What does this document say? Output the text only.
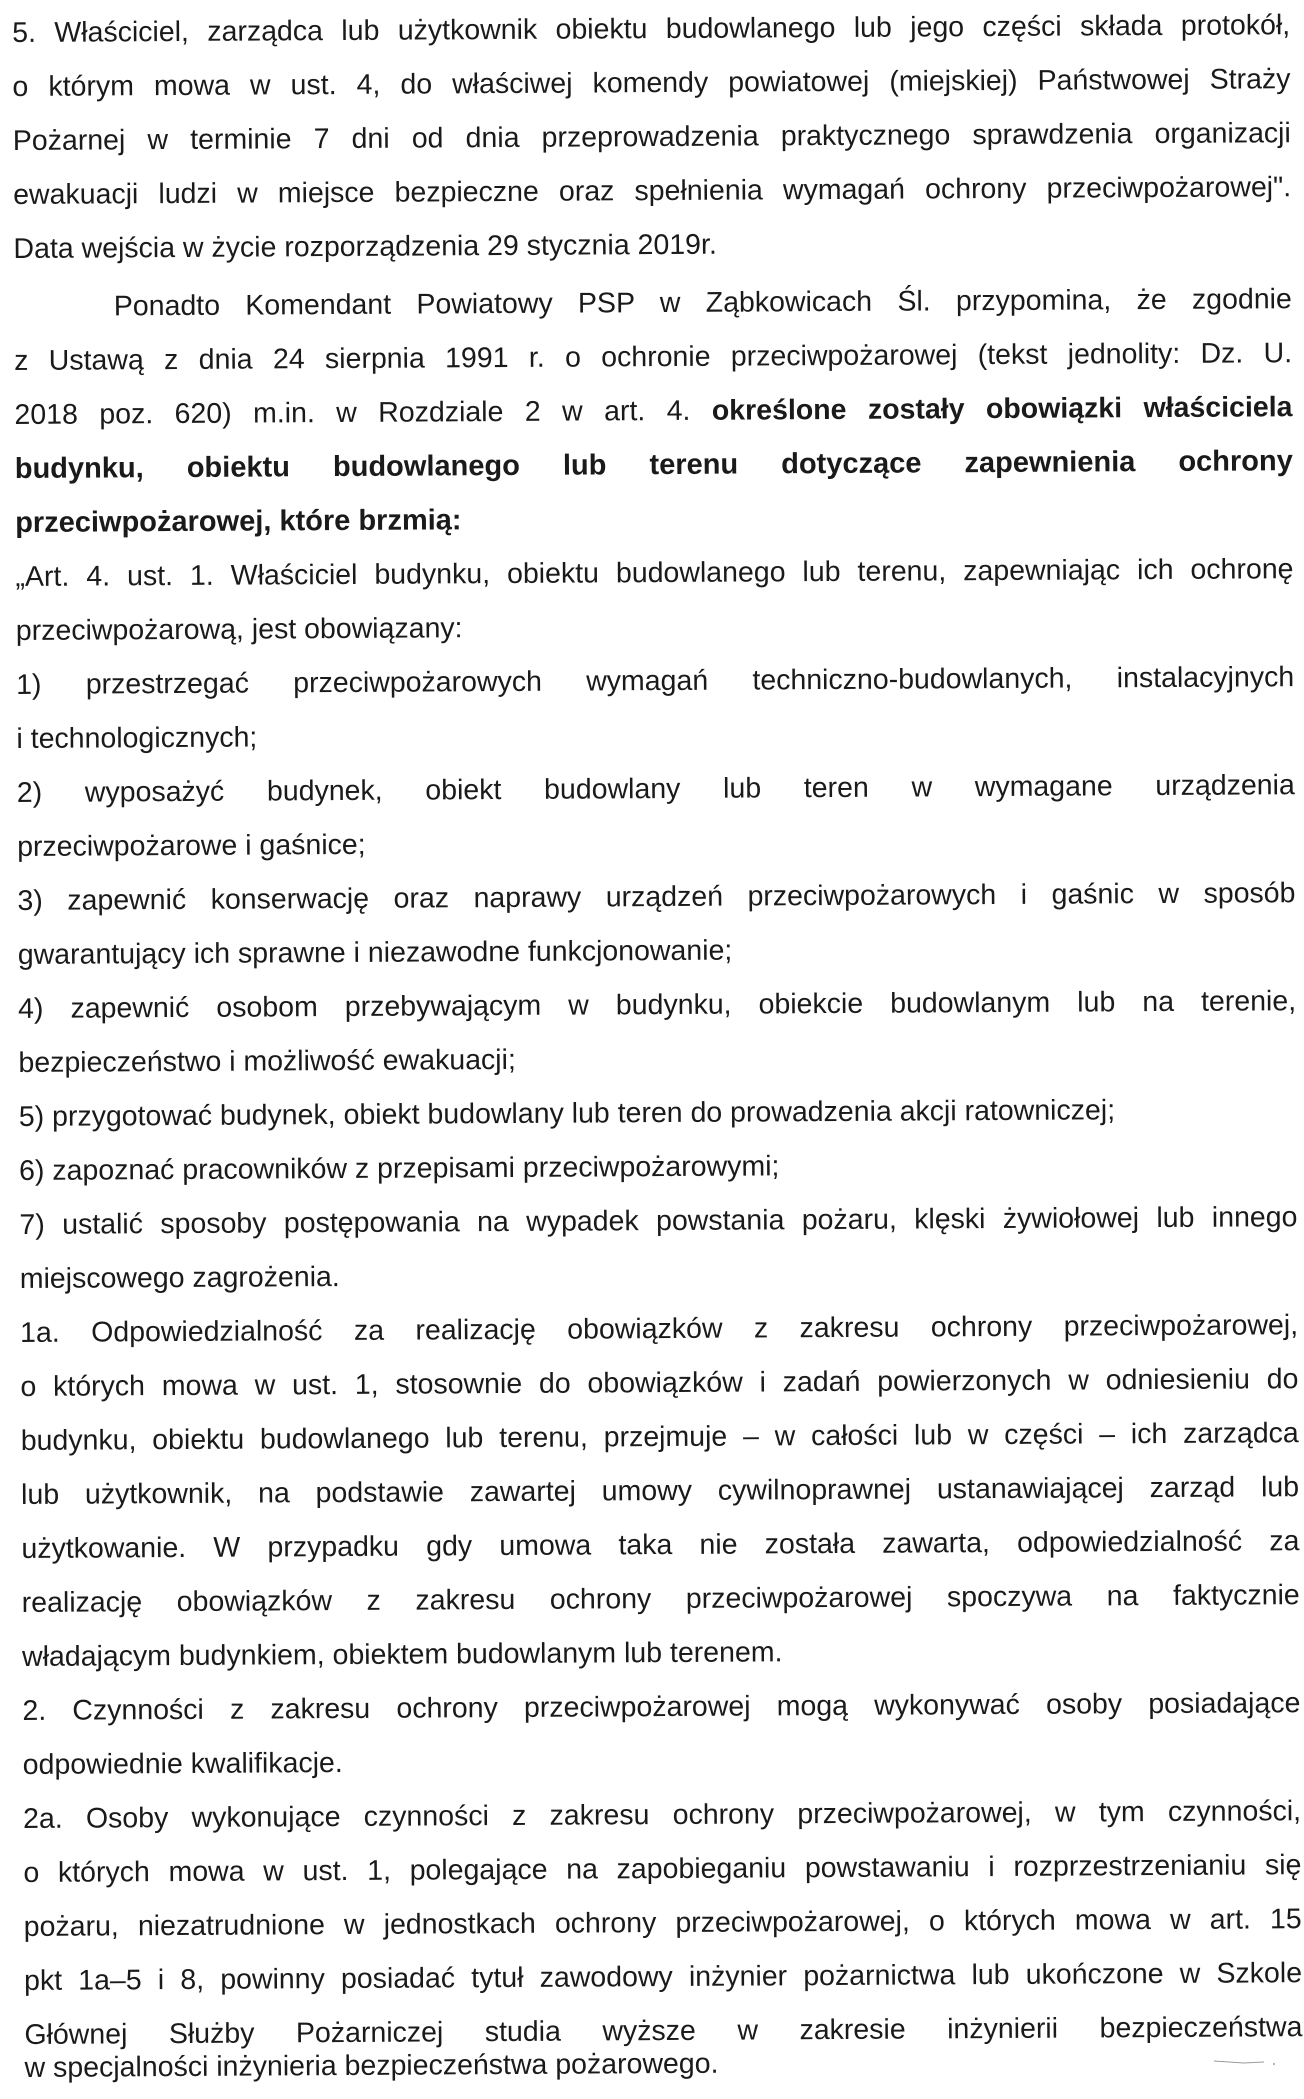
5. Właściciel, zarządca lub użytkownik obiektu budowlanego lub jego części składa protokół,
o którym mowa w ust. 4, do właściwej komendy powiatowej (miejskiej) Państwowej Straży
Pożarnej w terminie 7 dni od dnia przeprowadzenia praktycznego sprawdzenia organizacji
ewakuacji ludzi w miejsce bezpieczne oraz spełnienia wymagań ochrony przeciwpożarowej".
Data wejścia w życie rozporządzenia 29 stycznia 2019r.
Ponadto Komendant Powiatowy PSP w Ząbkowicach Śl. przypomina, że zgodnie
z Ustawą z dnia 24 sierpnia 1991 r. o ochronie przeciwpożarowej (tekst jednolity: Dz. U.
2018 poz. 620) m.in. w Rozdziale 2 w art. 4. określone zostały obowiązki właściciela
budynku, obiektu budowlanego lub terenu dotyczące zapewnienia ochrony
przeciwpożarowej, które brzmią:
„Art. 4. ust. 1. Właściciel budynku, obiektu budowlanego lub terenu, zapewniając ich ochronę
przeciwpożarową, jest obowiązany:
1) przestrzegać przeciwpożarowych wymagań techniczno-budowlanych, instalacyjnych
i technologicznych;
2) wyposażyć budynek, obiekt budowlany lub teren w wymagane urządzenia
przeciwpożarowe i gaśnice;
3) zapewnić konserwację oraz naprawy urządzeń przeciwpożarowych i gaśnic w sposób
gwarantujący ich sprawne i niezawodne funkcjonowanie;
4) zapewnić osobom przebywającym w budynku, obiekcie budowlanym lub na terenie,
bezpieczeństwo i możliwość ewakuacji;
5) przygotować budynek, obiekt budowlany lub teren do prowadzenia akcji ratowniczej;
6) zapoznać pracowników z przepisami przeciwpożarowymi;
7) ustalić sposoby postępowania na wypadek powstania pożaru, klęski żywiołowej lub innego
miejscowego zagrożenia.
1a. Odpowiedzialność za realizację obowiązków z zakresu ochrony przeciwpożarowej,
o których mowa w ust. 1, stosownie do obowiązków i zadań powierzonych w odniesieniu do
budynku, obiektu budowlanego lub terenu, przejmuje – w całości lub w części – ich zarządca
lub użytkownik, na podstawie zawartej umowy cywilnoprawnej ustanawiającej zarząd lub
użytkowanie. W przypadku gdy umowa taka nie została zawarta, odpowiedzialność za
realizację obowiązków z zakresu ochrony przeciwpożarowej spoczywa na faktycznie
władającym budynkiem, obiektem budowlanym lub terenem.
2. Czynności z zakresu ochrony przeciwpożarowej mogą wykonywać osoby posiadające
odpowiednie kwalifikacje.
2a. Osoby wykonujące czynności z zakresu ochrony przeciwpożarowej, w tym czynności,
o których mowa w ust. 1, polegające na zapobieganiu powstawaniu i rozprzestrzenianiu się
pożaru, niezatrudnione w jednostkach ochrony przeciwpożarowej, o których mowa w art. 15
pkt 1a–5 i 8, powinny posiadać tytuł zawodowy inżynier pożarnictwa lub ukończone w Szkole
Głównej Służby Pożarniczej studia wyższe w zakresie inżynierii bezpieczeństwa
w specjalności inżynieria bezpieczeństwa pożarowego.
